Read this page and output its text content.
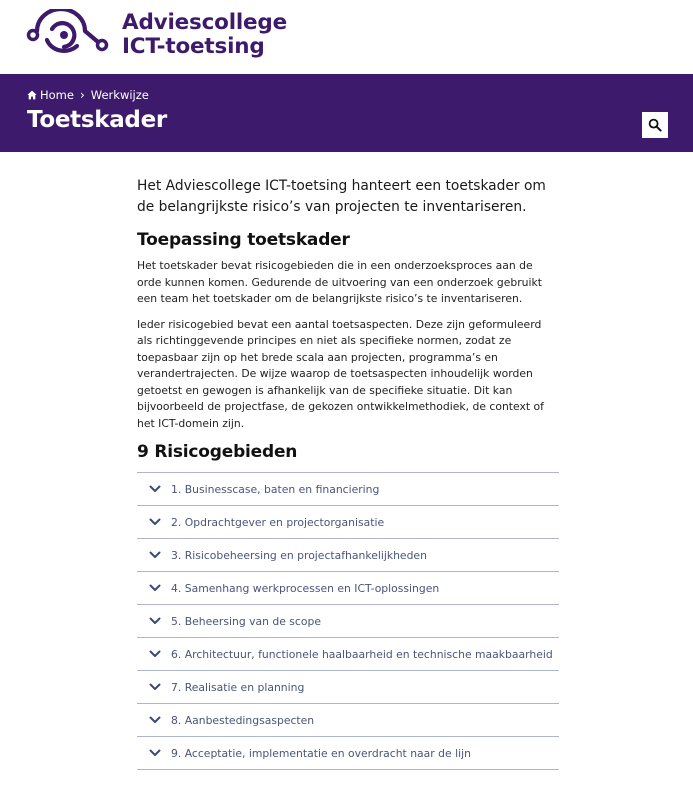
Adviescollege
ICT-toetsing
Home › Werkwijze
Toetskader

Het Adviescollege ICT-toetsing hanteert een toetskader om de belangrijkste risico’s van projecten te inventariseren.

Toepassing toetskader

Het toetskader bevat risicogebieden die in een onderzoeksproces aan de orde kunnen komen. Gedurende de uitvoering van een onderzoek gebruikt een team het toetskader om de belangrijkste risico’s te inventariseren.

Ieder risicogebied bevat een aantal toetsaspecten. Deze zijn geformuleerd als richtinggevende principes en niet als specifieke normen, zodat ze toepasbaar zijn op het brede scala aan projecten, programma’s en verandertrajecten. De wijze waarop de toetsaspecten inhoudelijk worden getoetst en gewogen is afhankelijk van de specifieke situatie. Dit kan bijvoorbeeld de projectfase, de gekozen ontwikkelmethodiek, de context of het ICT-domein zijn.

9 Risicogebieden
1. Businesscase, baten en financiering
2. Opdrachtgever en projectorganisatie
3. Risicobeheersing en projectafhankelijkheden
4. Samenhang werkprocessen en ICT-oplossingen
5. Beheersing van de scope
6. Architectuur, functionele haalbaarheid en technische maakbaarheid
7. Realisatie en planning
8. Aanbestedingsaspecten
9. Acceptatie, implementatie en overdracht naar de lijn
